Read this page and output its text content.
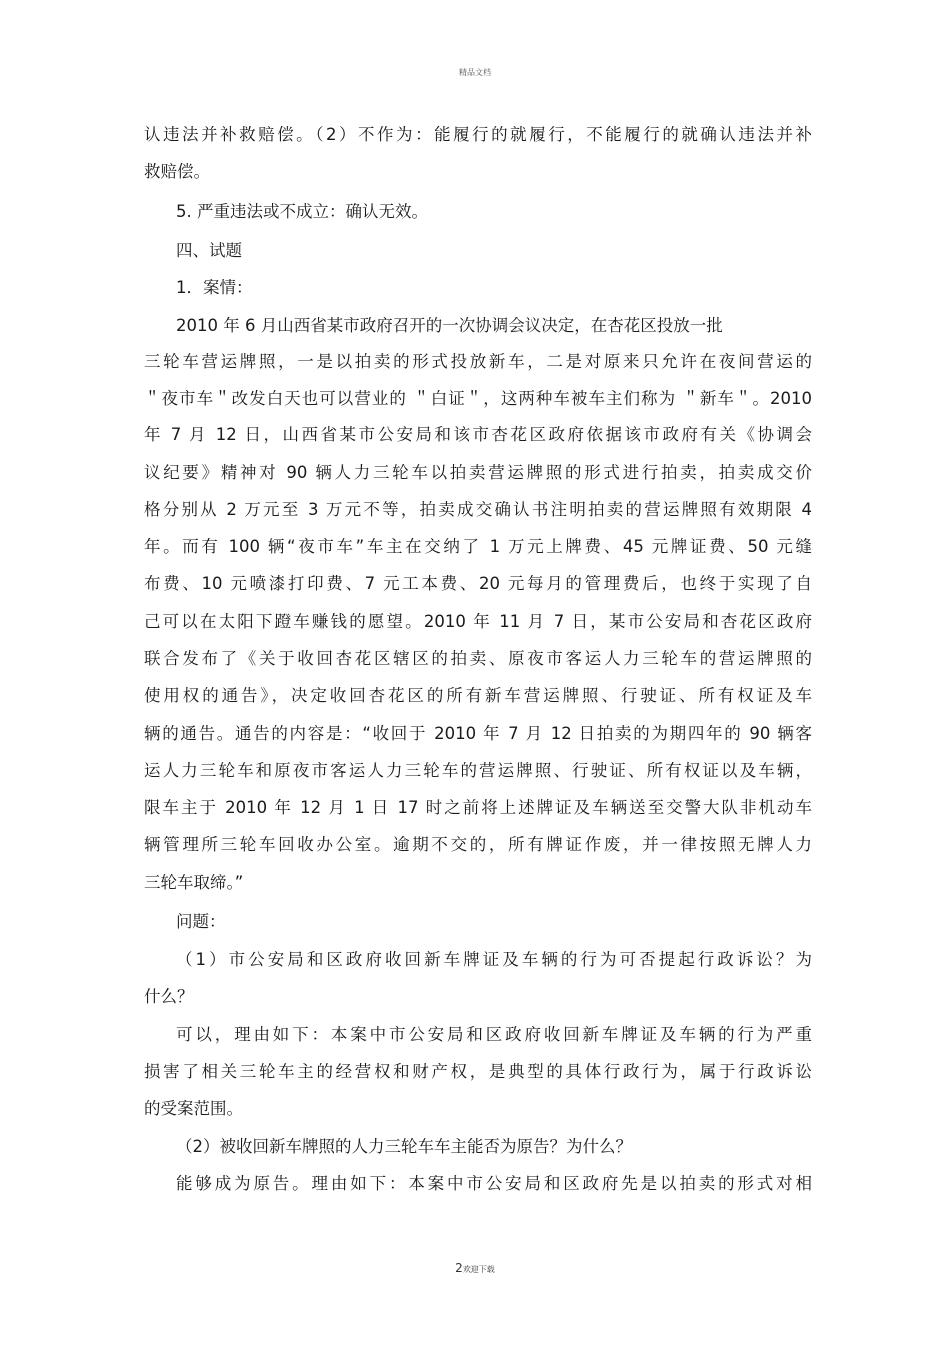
精品文档
认违法并补救赔偿。（2）不作为：能履行的就履行，不能履行的就确认违法并补
救赔偿。
5. 严重违法或不成立：确认无效。
四、试题
1．案情：
2010 年 6 月山西省某市政府召开的一次协调会议决定，在杏花区投放一批
三轮车营运牌照，一是以拍卖的形式投放新车，二是对原来只允许在夜间营运的
＂夜市车＂改发白天也可以营业的 ＂白证＂，这两种车被车主们称为 ＂新车＂。2010
年 7 月 12 日，山西省某市公安局和该市杏花区政府依据该市政府有关《协调会
议纪要》精神对 90 辆人力三轮车以拍卖营运牌照的形式进行拍卖，拍卖成交价
格分别从 2 万元至 3 万元不等，拍卖成交确认书注明拍卖的营运牌照有效期限 4
年。而有 100 辆“夜市车”车主在交纳了 1 万元上牌费、45 元牌证费、50 元缝
布费、10 元喷漆打印费、7 元工本费、20 元每月的管理费后，也终于实现了自
己可以在太阳下蹬车赚钱的愿望。2010 年 11 月 7 日，某市公安局和杏花区政府
联合发布了《关于收回杏花区辖区的拍卖、原夜市客运人力三轮车的营运牌照的
使用权的通告》，决定收回杏花区的所有新车营运牌照、行驶证、所有权证及车
辆的通告。通告的内容是：“收回于 2010 年 7 月 12 日拍卖的为期四年的 90 辆客
运人力三轮车和原夜市客运人力三轮车的营运牌照、行驶证、所有权证以及车辆，
限车主于 2010 年 12 月 1 日 17 时之前将上述牌证及车辆送至交警大队非机动车
辆管理所三轮车回收办公室。逾期不交的，所有牌证作废，并一律按照无牌人力
三轮车取缔。”
问题：
（1）市公安局和区政府收回新车牌证及车辆的行为可否提起行政诉讼？为
什么？
可以，理由如下：本案中市公安局和区政府收回新车牌证及车辆的行为严重
损害了相关三轮车主的经营权和财产权，是典型的具体行政行为，属于行政诉讼
的受案范围。
（2）被收回新车牌照的人力三轮车车主能否为原告？为什么？
能够成为原告。理由如下：本案中市公安局和区政府先是以拍卖的形式对相
2欢迎下载
